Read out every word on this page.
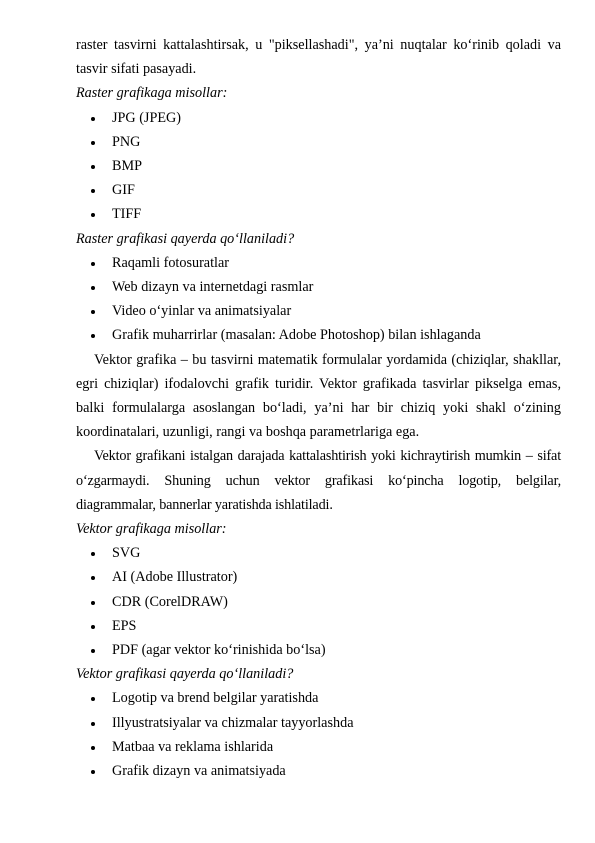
raster tasvirni kattalashtirsak, u "piksellashadi", ya’ni nuqtalar ko‘rinib qoladi va tasvir sifati pasayadi.

Raster grafikaga misollar:

JPG (JPEG)
PNG
BMP
GIF
TIFF

Raster grafikasi qayerda qo‘llaniladi?

Raqamli fotosuratlar
Web dizayn va internetdagi rasmlar
Video o‘yinlar va animatsiyalar
Grafik muharrirlar (masalan: Adobe Photoshop) bilan ishlaganda

Vektor grafika – bu tasvirni matematik formulalar yordamida (chiziqlar, shakllar, egri chiziqlar) ifodalovchi grafik turidir. Vektor grafikada tasvirlar pikselga emas, balki formulalarga asoslangan bo‘ladi, ya’ni har bir chiziq yoki shakl o‘zining koordinatalari, uzunligi, rangi va boshqa parametrlariga ega.

Vektor grafikani istalgan darajada kattalashtirish yoki kichraytirish mumkin – sifat o‘zgarmaydi. Shuning uchun vektor grafikasi ko‘pincha logotip, belgilar, diagrammalar, bannerlar yaratishda ishlatiladi.

Vektor grafikaga misollar:

SVG
AI (Adobe Illustrator)
CDR (CorelDRAW)
EPS
PDF (agar vektor ko‘rinishida bo‘lsa)

Vektor grafikasi qayerda qo‘llaniladi?

Logotip va brend belgilar yaratishda
Illyustratsiyalar va chizmalar tayyorlashda
Matbaa va reklama ishlarida
Grafik dizayn va animatsiyada
